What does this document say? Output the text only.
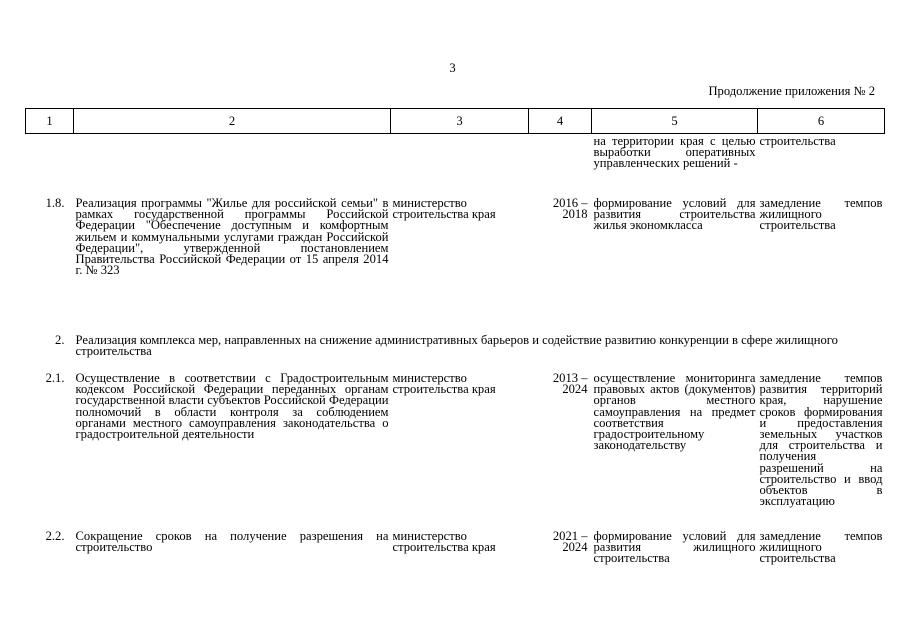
3
Продолжение приложения № 2
1	2	3	4	5	6
				на территории края с целью выработки оперативных управленческих решений -	строительства
1.8.	Реализация программы "Жилье для российской семьи" в рамках государственной программы Российской Федерации "Обеспечение доступным и комфортным жильем и коммунальными услугами граждан Российской Федерации", утвержденной постановлением Правительства Российской Федерации от 15 апреля 2014 г. № 323	министерство строительства края	2016 – 2018	формирование условий для развития строительства жилья экономкласса	замедление темпов жилищного строительства
2.	Реализация комплекса мер, направленных на снижение административных барьеров и содействие развитию конкуренции в сфере жилищного строительства				
2.1.	Осуществление в соответствии с Градостроительным кодексом Российской Федерации переданных органам государственной власти субъектов Российской Федерации полномочий в области контроля за соблюдением органами местного самоуправления законодательства о градостроительной деятельности	министерство строительства края	2013 – 2024	осуществление мониторинга правовых актов (документов) органов местного самоуправления на предмет соответствия градостроительному законодательству	замедление темпов развития территорий края, нарушение сроков формирования и предоставления земельных участков для строительства и получения разрешений на строительство и ввод объектов в эксплуатацию
2.2.	Сокращение сроков на получение разрешения на строительство	министерство строительства края	2021 – 2024	формирование условий для развития жилищного строительства	замедление темпов жилищного строительства
